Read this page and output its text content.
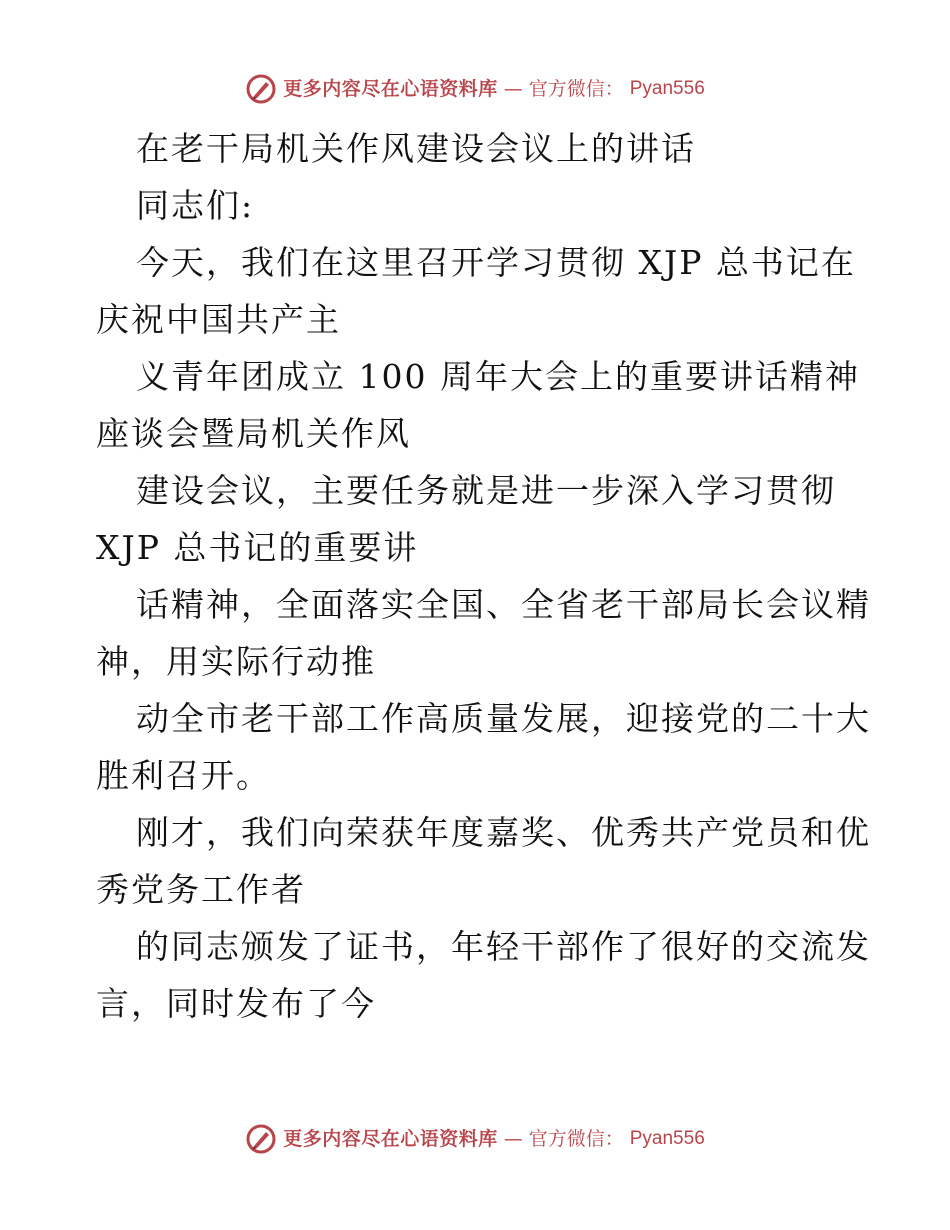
更多内容尽在心语资料库 — 官方微信： Pyan556
在老干局机关作风建设会议上的讲话
同志们:
今天，我们在这里召开学习贯彻 XJP 总书记在
庆祝中国共产主
义青年团成立 100 周年大会上的重要讲话精神
座谈会暨局机关作风
建设会议，主要任务就是进一步深入学习贯彻
XJP 总书记的重要讲
话精神，全面落实全国、全省老干部局长会议精
神，用实际行动推
动全市老干部工作高质量发展，迎接党的二十大
胜利召开。
刚才，我们向荣获年度嘉奖、优秀共产党员和优
秀党务工作者
的同志颁发了证书，年轻干部作了很好的交流发
言，同时发布了今
更多内容尽在心语资料库 — 官方微信： Pyan556
